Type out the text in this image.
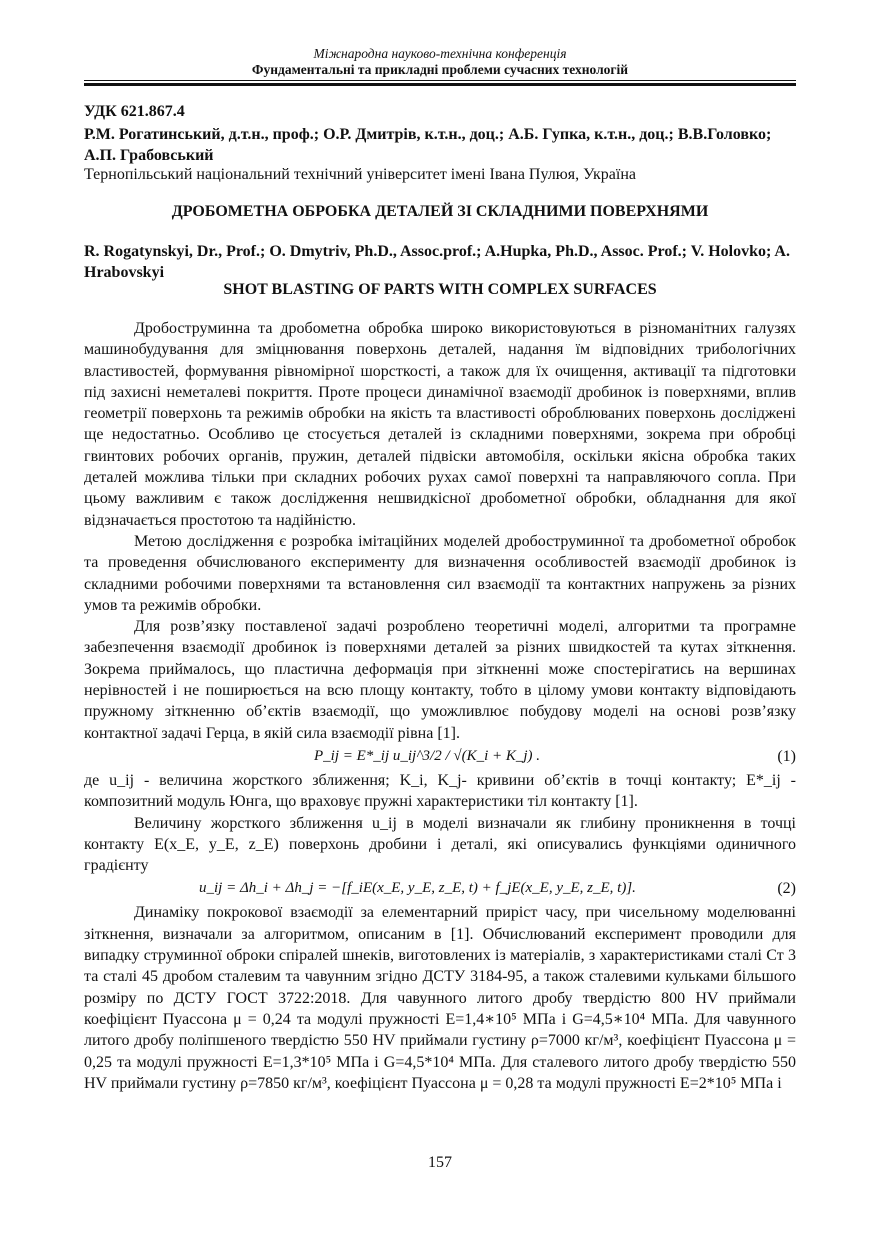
Міжнародна науково-технічна конференція
Фундаментальні та прикладні проблеми сучасних технологій
УДК 621.867.4
Р.М. Рогатинський, д.т.н., проф.; О.Р. Дмитрів, к.т.н., доц.; А.Б. Гупка, к.т.н., доц.; В.В.Головко; А.П. Грабовський
Тернопільський національний технічний університет імені Івана Пулюя, Україна
ДРОБОМЕТНА ОБРОБКА ДЕТАЛЕЙ ЗІ СКЛАДНИМИ ПОВЕРХНЯМИ
R. Rogatynskyi, Dr., Prof.; O. Dmytriv, Ph.D., Assoc.prof.; A.Hupka, Ph.D., Assoc. Prof.; V. Holovko; A. Hrabovskyi
SHOT BLASTING OF PARTS WITH COMPLEX SURFACES

Дробоструминна та дробометна обробка широко використовуються в різноманітних галузях машинобудування для зміцнювання поверхонь деталей, надання їм відповідних трибологічних властивостей, формування рівномірної шорсткості, а також для їх очищення, активації та підготовки під захисні неметалеві покриття. Проте процеси динамічної взаємодії дробинок із поверхнями, вплив геометрії поверхонь та режимів обробки на якість та властивості оброблюваних поверхонь досліджені ще недостатньо. Особливо це стосується деталей із складними поверхнями, зокрема при обробці гвинтових робочих органів, пружин, деталей підвіски автомобіля, оскільки якісна обробка таких деталей можлива тільки при складних робочих рухах самої поверхні та направляючого сопла. При цьому важливим є також дослідження нешвидкісної дробометної обробки, обладнання для якої відзначається простотою та надійністю.

Метою дослідження є розробка імітаційних моделей дробоструминної та дробометної обробок та проведення обчислюваного експерименту для визначення особливостей взаємодії дробинок із складними робочими поверхнями та встановлення сил взаємодії та контактних напружень за різних умов та режимів обробки.

Для розв’язку поставленої задачі розроблено теоретичні моделі, алгоритми та програмне забезпечення взаємодії дробинок із поверхнями деталей за різних швидкостей та кутах зіткнення. Зокрема приймалось, що пластична деформація при зіткненні може спостерігатись на вершинах нерівностей і не поширюється на всю площу контакту, тобто в цілому умови контакту відповідають пружному зіткненню об’єктів взаємодії, що уможливлює побудову моделі на основі розв’язку контактної задачі Герца, в якій сила взаємодії рівна [1].

P_ij = E*_ij u_ij^3/2 / √(K_i + K_j) .	(1)

де u_ij - величина жорсткого зближення; K_i, K_j- кривини об’єктів в точці контакту; E*_ij - композитний модуль Юнга, що враховує пружні характеристики тіл контакту [1].

Величину жорсткого зближення u_ij в моделі визначали як глибину проникнення в точці контакту E(x_E, y_E, z_E) поверхонь дробини і деталі, які описувались функціями одиничного градієнту

u_ij = Δh_i + Δh_j = −[f_iE(x_E, y_E, z_E, t) + f_jE(x_E, y_E, z_E, t)].	(2)

Динаміку покрокової взаємодії за елементарний приріст часу, при чисельному моделюванні зіткнення, визначали за алгоритмом, описаним в [1]. Обчислюваний експеримент проводили для випадку струминної оброки спіралей шнеків, виготовлених із матеріалів, з характеристиками сталі Ст 3 та сталі 45 дробом сталевим та чавунним згідно ДСТУ 3184-95, а також сталевими кульками більшого розміру по ДСТУ ГОСТ 3722:2018. Для чавунного литого дробу твердістю 800 HV приймали коефіцієнт Пуассона μ = 0,24 та модулі пружності E=1,4∗10⁵ МПа і G=4,5∗10⁴ МПа. Для чавунного литого дробу поліпшеного твердістю 550 HV приймали густину ρ=7000 кг/м³, коефіцієнт Пуассона μ = 0,25 та модулі пружності E=1,3*10⁵ МПа і G=4,5*10⁴ МПа. Для сталевого литого дробу твердістю 550 HV приймали густину ρ=7850 кг/м³, коефіцієнт Пуассона μ = 0,28 та модулі пружності E=2*10⁵ МПа і

157
